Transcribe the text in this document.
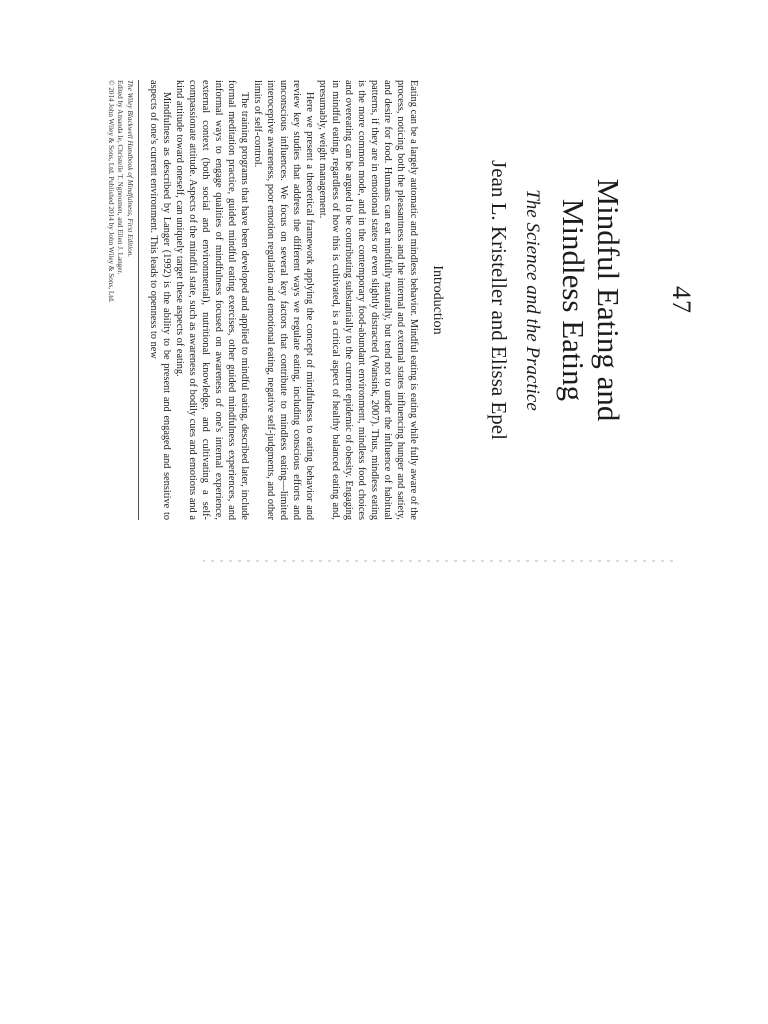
47
Mindful Eating and
Mindless Eating
The Science and the Practice
Jean L. Kristeller and Elissa Epel
Introduction

Eating can be a largely automatic and mindless behavior. Mindful eating is eating while fully aware of the process, noticing both the pleasantness and the internal and external states influencing hunger and satiety, and desire for food. Humans can eat mindfully naturally, but tend not to under the influence of habitual patterns, if they are in emotional states or even slightly distracted (Wansink, 2007). Thus, mindless eating is the more common mode, and in the contemporary food-abundant environment, mindless food choices and overeating can be argued to be contributing substantially to the current epidemic of obesity. Engaging in mindful eating, regardless of how this is cultivated, is a critical aspect of healthy balanced eating and, presumably, weight management.

Here we present a theoretical framework applying the concept of mindfulness to eating behavior and review key studies that address the different ways we regulate eating, including conscious efforts and unconscious influences. We focus on several key factors that contribute to mindless eating—limited interoceptive awareness, poor emotion regulation and emotional eating, negative self-judgments, and other limits of self-control.

The training programs that have been developed and applied to mindful eating, described later, include formal meditation practice, guided mindful eating exercises, other guided mindfulness experiences, and informal ways to engage qualities of mindfulness focused on awareness of one's internal experience, external context (both social and environmental), nutritional knowledge, and cultivating a self-compassionate attitude. Aspects of the mindful state, such as awareness of bodily cues and emotions and a kind attitude toward oneself, can uniquely target these aspects of eating.

Mindfulness as described by Langer (1992) is the ability to be present and engaged and sensitive to aspects of one's current environment. This leads to openness to new

The Wiley Blackwell Handbook of Mindfulness, First Edition.

Edited by Amanda Ie, Christelle T. Ngnoumen, and Ellen J. Langer.

© 2014 John Wiley & Sons, Ltd. Published 2014 by John Wiley & Sons, Ltd.
